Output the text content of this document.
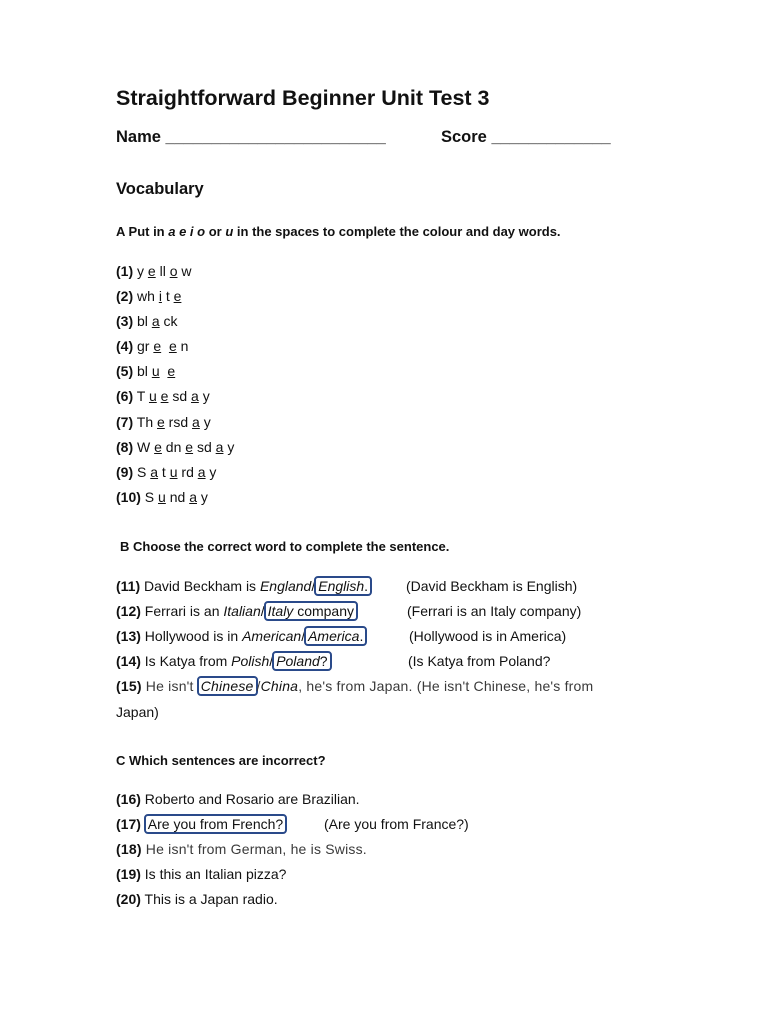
Straightforward Beginner Unit Test 3
Name ________________________	Score _____________
Vocabulary
A Put in a e i o or u in the spaces to complete the colour and day words.
(1) y e ll o w
(2) wh i t e
(3) bl a ck
(4) gr e e n
(5) bl u e
(6) T u e sd a y
(7) Th e rsd a y
(8) W e dn e sd a y
(9) S a t u rd a y
(10) S u nd a y
B Choose the correct word to complete the sentence.
(11) David Beckham is England/ English.	(David Beckham is English)
(12) Ferrari is an Italian/ Italy company	(Ferrari is an Italy company)
(13) Hollywood is in American/ America.	(Hollywood is in America)
(14) Is Katya from Polish/ Poland?	(Is Katya from Poland?
(15) He isn't Chinese /China, he's from Japan. (He isn't Chinese, he's from
Japan)
C Which sentences are incorrect?
(16) Roberto and Rosario are Brazilian.
(17) Are you from French?	(Are you from France?)
(18) He isn't from German, he is Swiss.
(19) Is this an Italian pizza?
(20) This is a Japan radio.
